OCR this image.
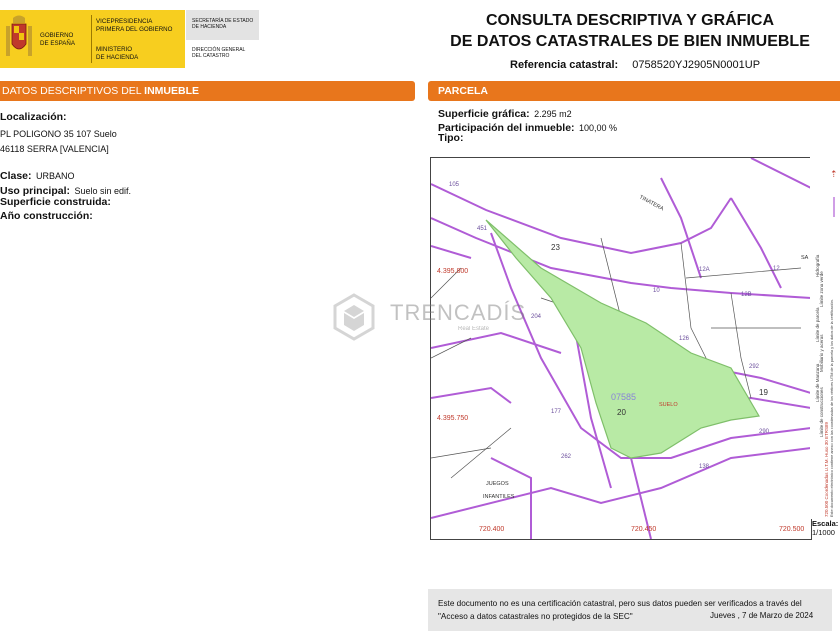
GOBIERNO
DE ESPAÑA
VICEPRESIDENCIA
PRIMERA DEL GOBIERNO
MINISTERIO
DE HACIENDA
SECRETARÍA DE ESTADO
DE HACIENDA
DIRECCIÓN GENERAL
DEL CATASTRO
CONSULTA DESCRIPTIVA Y GRÁFICA
DE DATOS CATASTRALES DE BIEN INMUEBLE
Referencia catastral: 0758520YJ2905N0001UP
DATOS DESCRIPTIVOS DEL INMUEBLE	PARCELA
Localización:
PL POLIGONO 35 107 Suelo
46118 SERRA [VALENCIA]
Clase: URBANO
Uso principal: Suelo sin edif.
Superficie construida:
Año construcción:
Superficie gráfica: 2.295 m2
Participación del inmueble: 100,00 %
Tipo:
23
19
12
12A
12B
10
105
451
204
177
262
292
290
138
126
JUEGOS
INFANTILES
SA
TINATERA
07585
20
SUELO
4.395.800
4.395.750
720.400	720.450	720.500
Hidrografía
Límite zona verde
Límite de parcela
Mobiliario y aceras
Límite de Manzana
Límite de construcciones
720.500 Coordenadas U.T.M. Huso 30 ETRS89 Este documento electrónico contiene anexo con las coordenadas de los vértices UTM de la parcela y los datos de la certificación.
⇡
Escala:
1/1000
TRENCADÍS
Real Estate
Este documento no es una certificación catastral, pero sus datos pueden ser verificados a través del "Acceso a datos catastrales no protegidos de la SEC"	Jueves , 7 de Marzo de 2024
